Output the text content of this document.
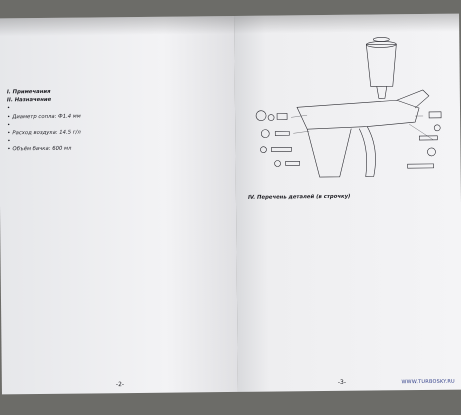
I. Примечания

II. Назначение

•

• Диаметр сопла: Ф1.4 мм

•

• Расход воздуха: 14.5 г/л

•

• Объём бачка: 600 мл

-2-
IV. Перечень деталей (в строчку)

-3-	WWW.TURBOSKY.RU
